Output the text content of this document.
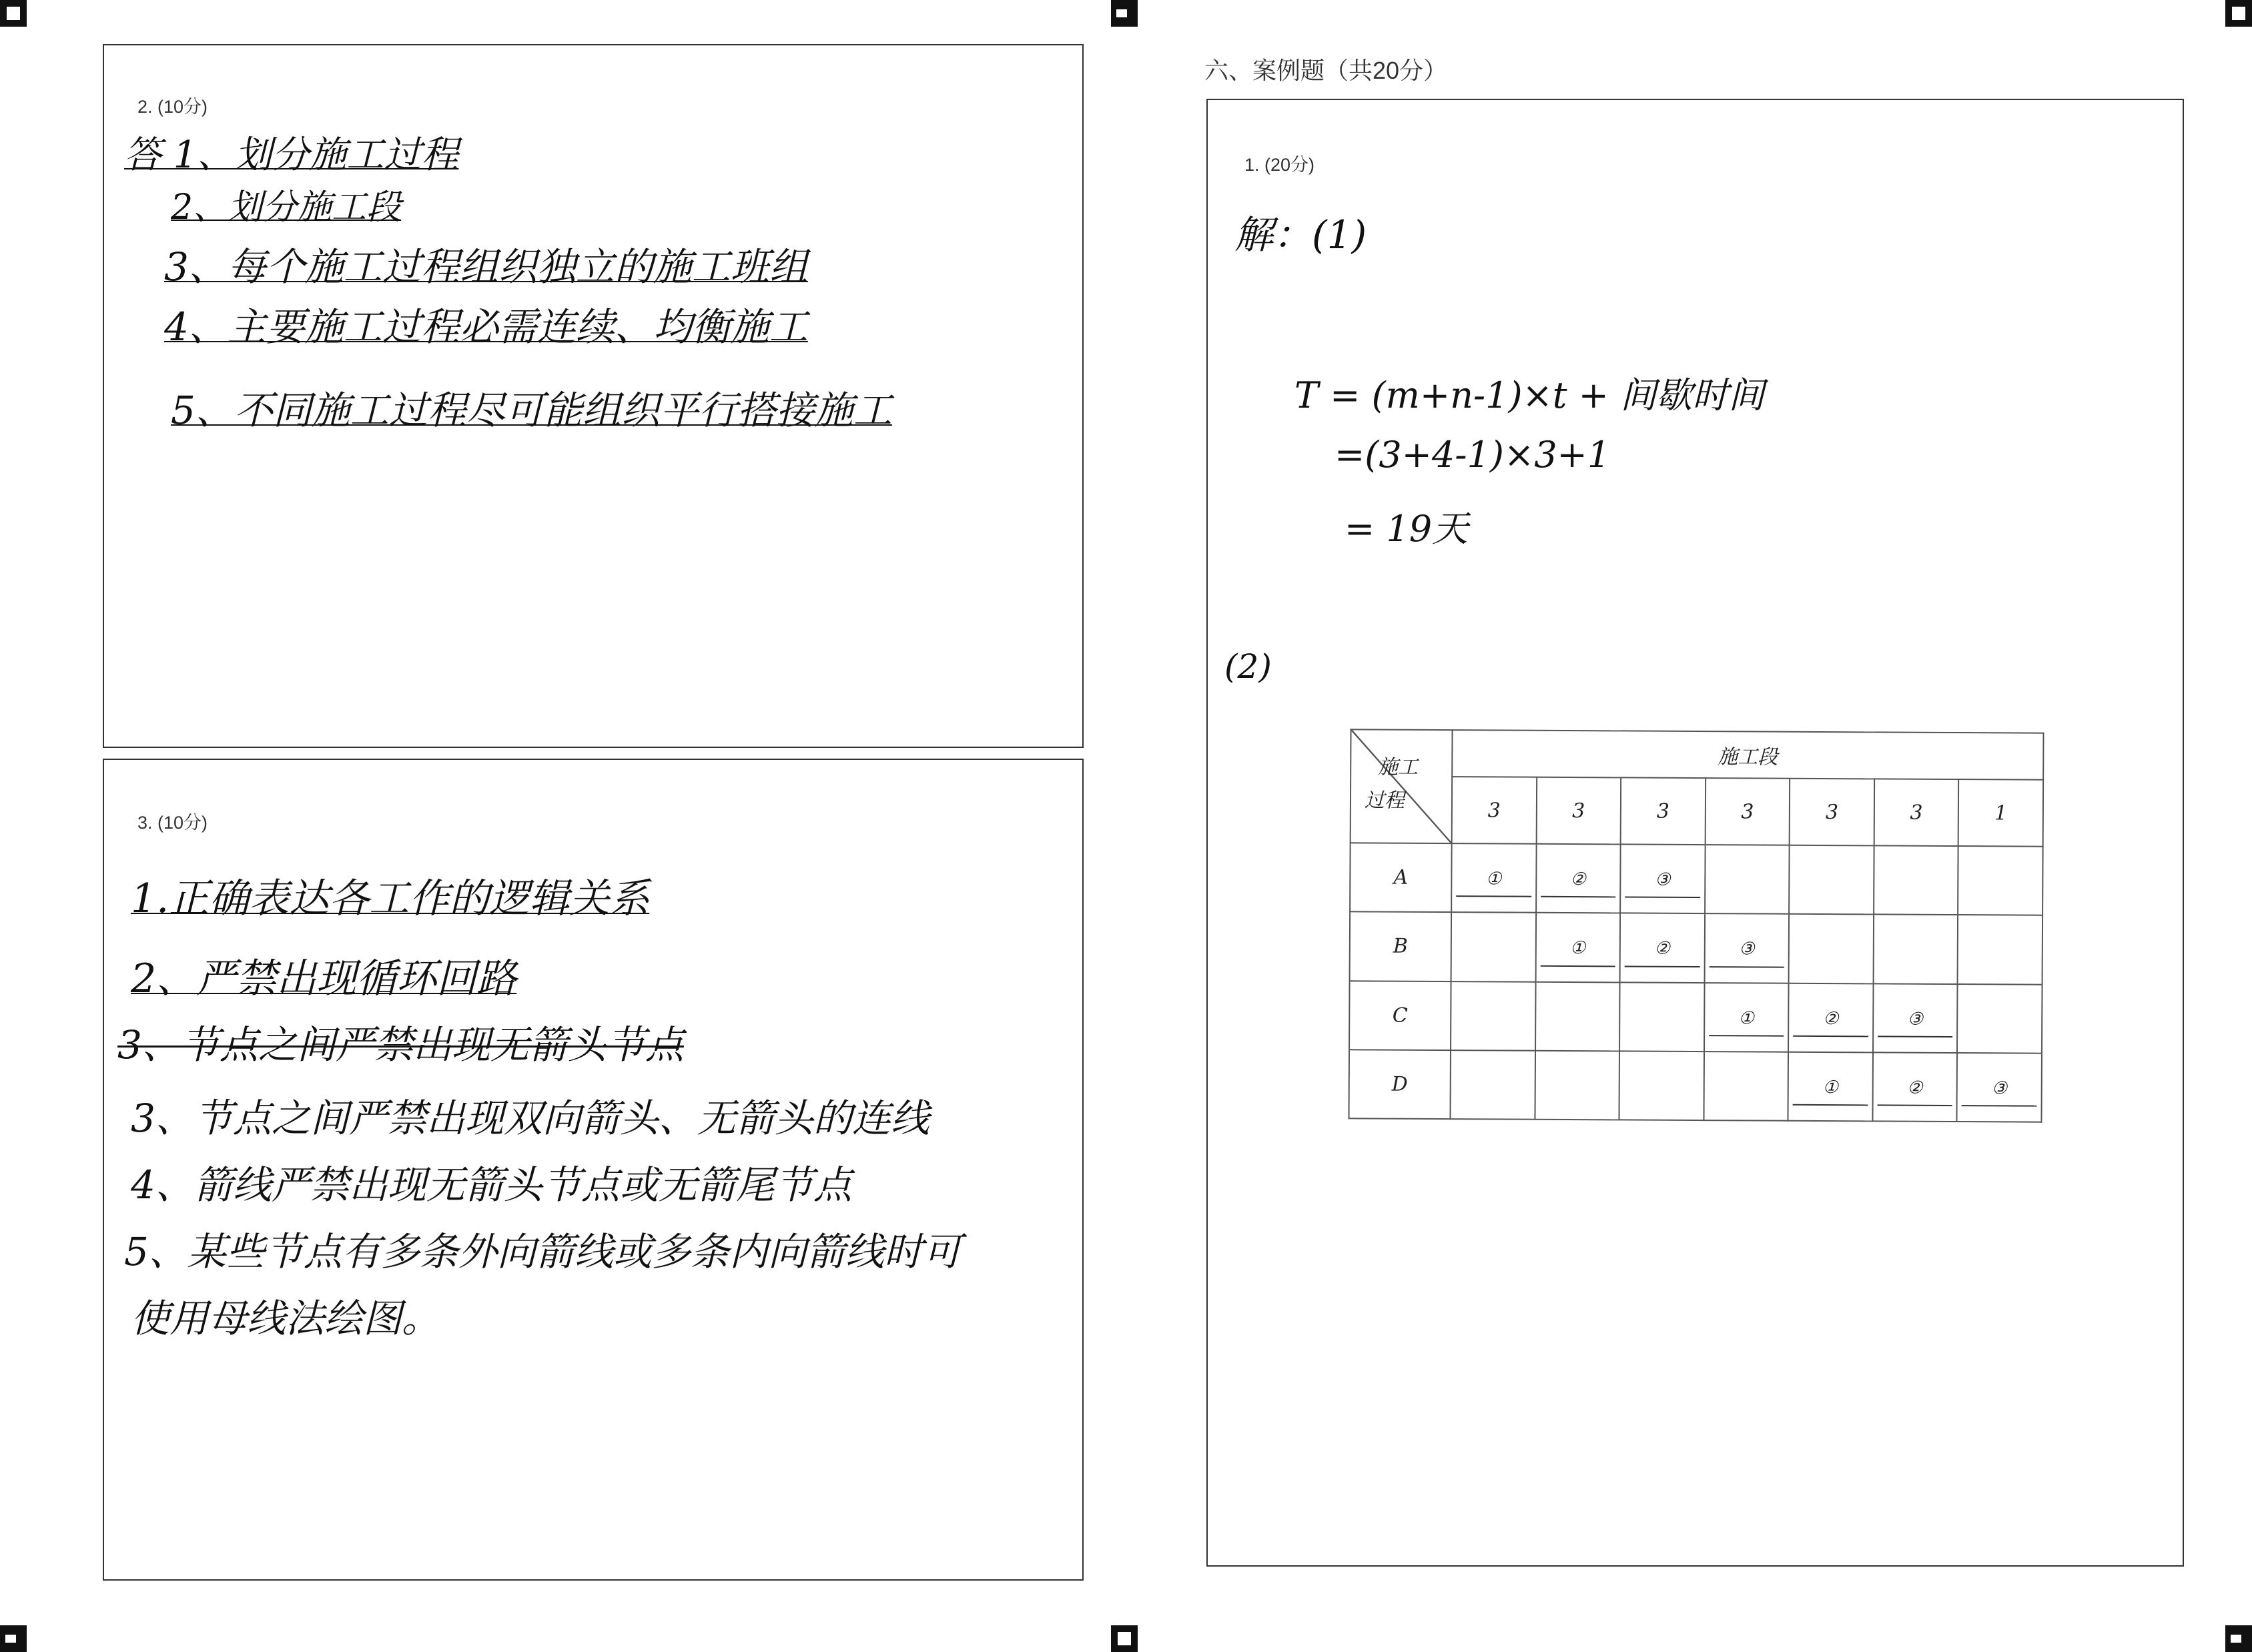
2. (10分)
答 1、划分施工过程
2、划分施工段
3、每个施工过程组织独立的施工班组
4、主要施工过程必需连续、均衡施工
5、不同施工过程尽可能组织平行搭接施工
3. (10分)
1.正确表达各工作的逻辑关系
2、严禁出现循环回路
3、节点之间严禁出现无箭头节点
3、节点之间严禁出现双向箭头、无箭头的连线
4、箭线严禁出现无箭头节点或无箭尾节点
5、某些节点有多条外向箭线或多条内向箭线时可
使用母线法绘图。
六、案例题（共20分）
1. (20分)
解：(1)
T = (m+n-1)×t + 间歇时间
=(3+4-1)×3+1
= 19天
(2)
施工
过程	施工段						
	3	3	3	3	3	3	1
A	①	②	③

B		①	②	③

C				①	②	③

D					①	②	③
